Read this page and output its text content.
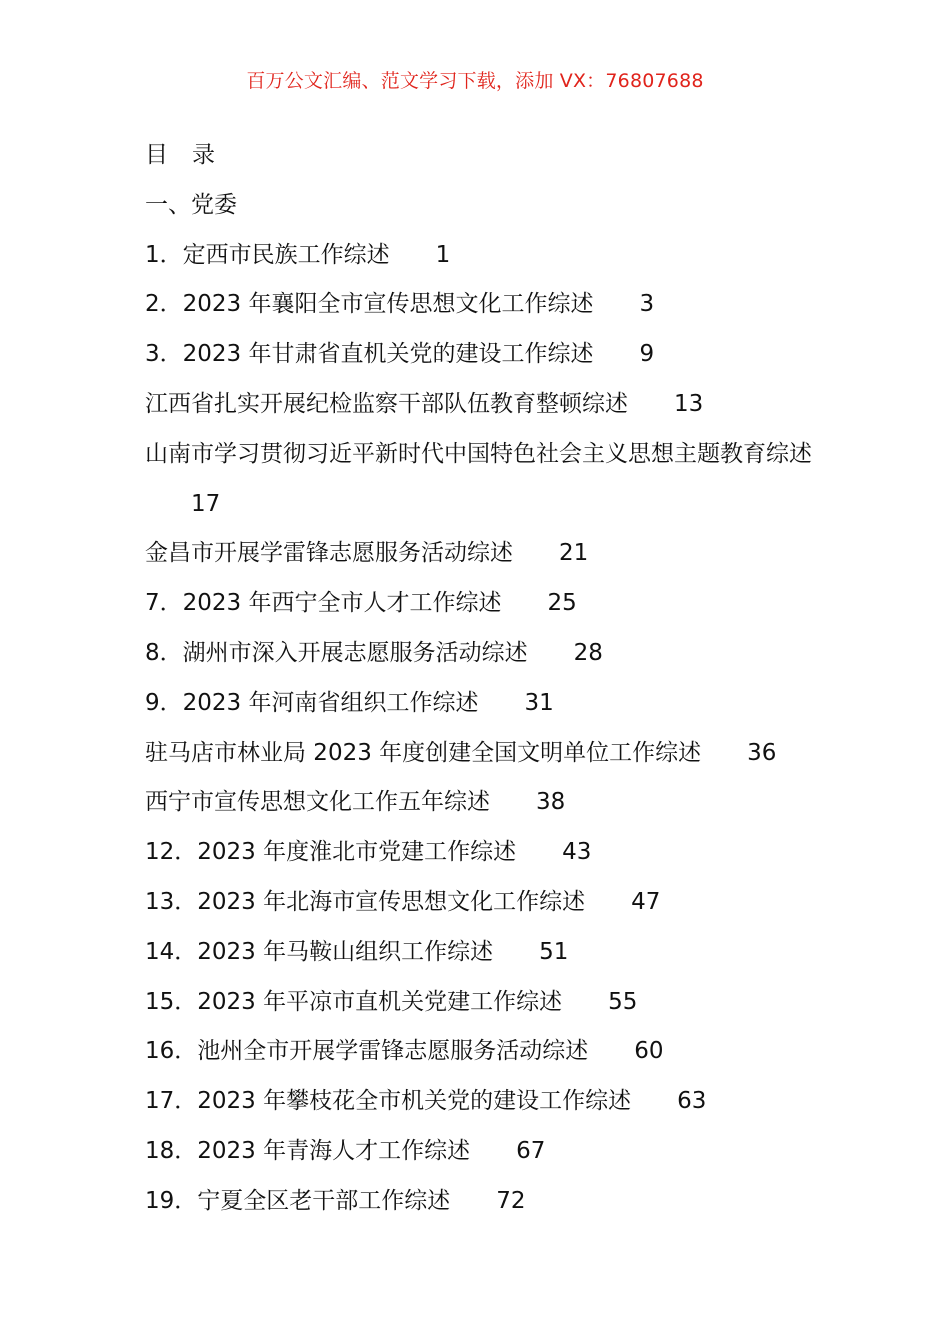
百万公文汇编、范文学习下载，添加 VX：76807688
目 录
一、党委
1．定西市民族工作综述 1
2．2023 年襄阳全市宣传思想文化工作综述 3
3．2023 年甘肃省直机关党的建设工作综述 9
江西省扎实开展纪检监察干部队伍教育整顿综述 13
山南市学习贯彻习近平新时代中国特色社会主义思想主题教育综述17
金昌市开展学雷锋志愿服务活动综述 21
7．2023 年西宁全市人才工作综述 25
8．湖州市深入开展志愿服务活动综述 28
9．2023 年河南省组织工作综述 31
驻马店市林业局 2023 年度创建全国文明单位工作综述 36
西宁市宣传思想文化工作五年综述 38
12．2023 年度淮北市党建工作综述 43
13．2023 年北海市宣传思想文化工作综述 47
14．2023 年马鞍山组织工作综述 51
15．2023 年平凉市直机关党建工作综述 55
16．池州全市开展学雷锋志愿服务活动综述 60
17．2023 年攀枝花全市机关党的建设工作综述 63
18．2023 年青海人才工作综述 67
19．宁夏全区老干部工作综述 72
